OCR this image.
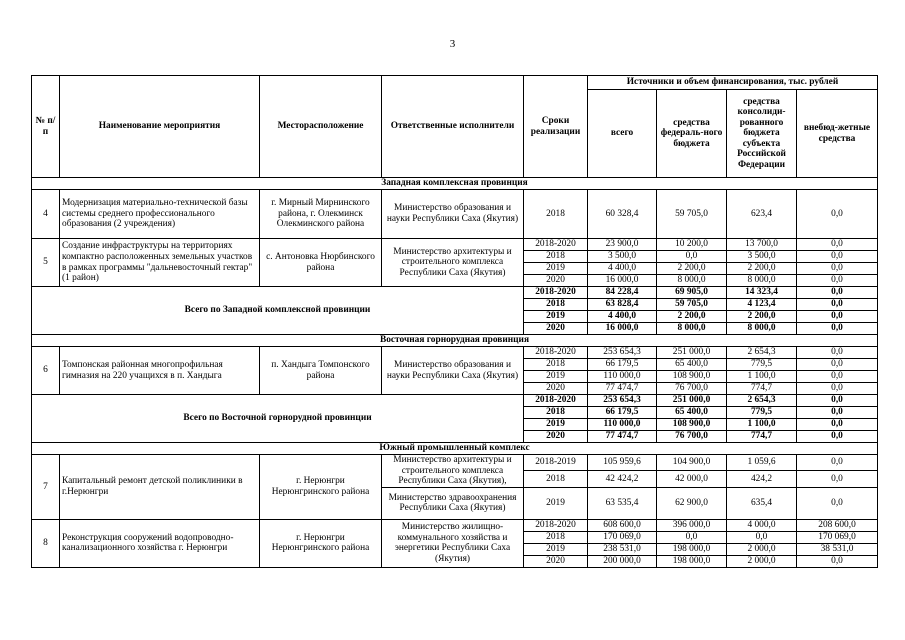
3
№ п/п	Наименование мероприятия	Месторасположение	Ответственные исполнители	Сроки реализации	Источники и объем финансирования, тыс. рублей			
					всего	средства федераль-ного бюджета	средства консолиди-рованного бюджета субъекта Российской Федерации	внебюд-жетные средства
Западная комплексная провинция								
4	Модернизация материально-технической базы системы среднего профессионального образования (2 учреждения)	г. Мирный Мирнинского района, г. Олекминск Олекминского района	Министерство образования и науки Республики Саха (Якутия)	2018	60 328,4	59 705,0	623,4	0,0
5	Создание инфраструктуры на территориях компактно расположенных земельных участков в рамках программы "дальневосточный гектар" (1 район)	с. Антоновка Нюрбинского района	Министерство архитектуры и строительного комплекса Республики Саха (Якутия)	2018-2020	23 900,0	10 200,0	13 700,0	0,0
				2018	3 500,0	0,0	3 500,0	0,0
				2019	4 400,0	2 200,0	2 200,0	0,0
				2020	16 000,0	8 000,0	8 000,0	0,0
Всего по Западной комплексной провинции				2018-2020	84 228,4	69 905,0	14 323,4	0,0
				2018	63 828,4	59 705,0	4 123,4	0,0
				2019	4 400,0	2 200,0	2 200,0	0,0
				2020	16 000,0	8 000,0	8 000,0	0,0
Восточная горнорудная провинция								
6	Томпонская районная многопрофильная гимназия на 220 учащихся в п. Хандыга	п. Хандыга Томпонского района	Министерство образования и науки Республики Саха (Якутия)	2018-2020	253 654,3	251 000,0	2 654,3	0,0
				2018	66 179,5	65 400,0	779,5	0,0
				2019	110 000,0	108 900,0	1 100,0	0,0
				2020	77 474,7	76 700,0	774,7	0,0
Всего по Восточной горнорудной провинции				2018-2020	253 654,3	251 000,0	2 654,3	0,0
				2018	66 179,5	65 400,0	779,5	0,0
				2019	110 000,0	108 900,0	1 100,0	0,0
				2020	77 474,7	76 700,0	774,7	0,0
Южный промышленный комплекс								
7	Капитальный ремонт детской поликлиники в г.Нерюнгри	г. Нерюнгри Нерюнгринского района	Министерство архитектуры и строительного комплекса Республики Саха (Якутия),	2018-2019	105 959,6	104 900,0	1 059,6	0,0
				2018	42 424,2	42 000,0	424,2	0,0
			Министерство здравоохранения Республики Саха (Якутия)	2019	63 535,4	62 900,0	635,4	0,0
8	Реконструкция сооружений водопроводно-канализационного хозяйства г. Нерюнгри	г. Нерюнгри Нерюнгринского района	Министерство жилищно-коммунального хозяйства и энергетики Республики Саха (Якутия)	2018-2020	608 600,0	396 000,0	4 000,0	208 600,0
				2018	170 069,0	0,0	0,0	170 069,0
				2019	238 531,0	198 000,0	2 000,0	38 531,0
				2020	200 000,0	198 000,0	2 000,0	0,0
